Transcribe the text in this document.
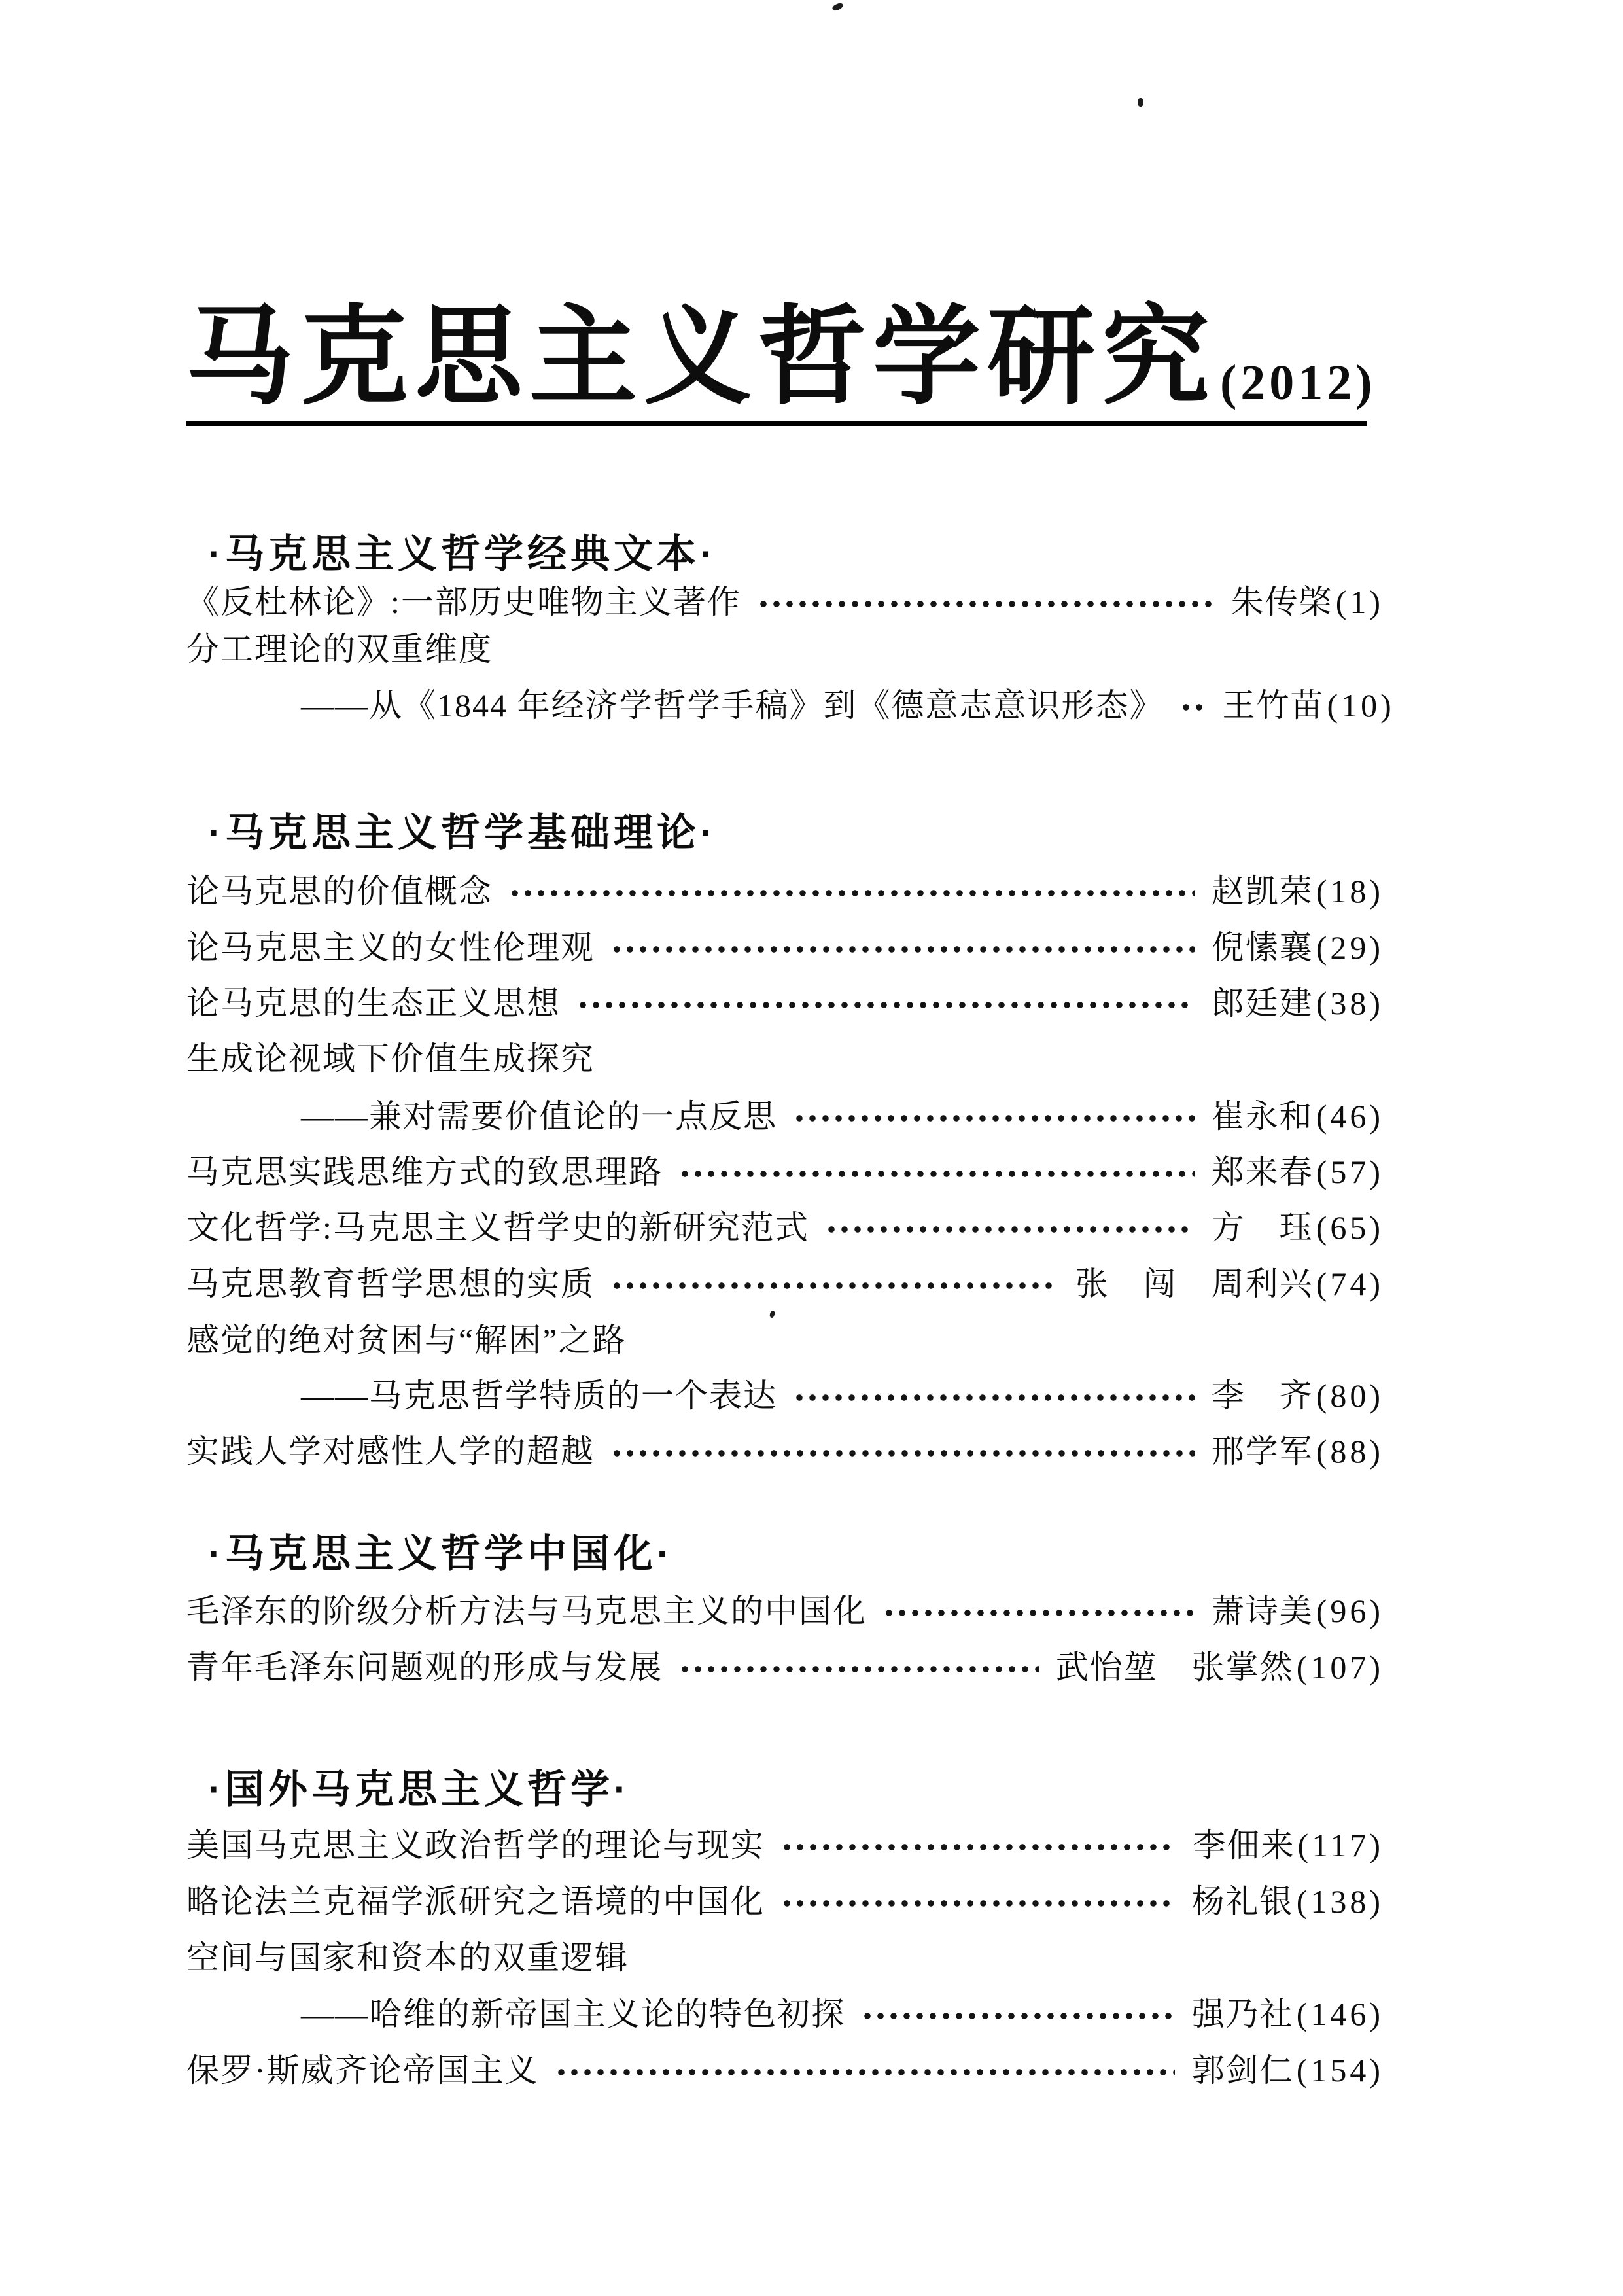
马克思主义哲学研究 (2012)
·马克思主义哲学经典文本·
《反杜林论》:一部历史唯物主义著作	朱传棨(1)
分工理论的双重维度
——从《1844 年经济学哲学手稿》到《德意志意识形态》 王竹苗(10)
·马克思主义哲学基础理论·
论马克思的价值概念	赵凯荣(18)
论马克思主义的女性伦理观	倪愫襄(29)
论马克思的生态正义思想	郎廷建(38)
生成论视域下价值生成探究
——兼对需要价值论的一点反思	崔永和(46)
马克思实践思维方式的致思理路	郑来春(57)
文化哲学:马克思主义哲学史的新研究范式	方　珏(65)
马克思教育哲学思想的实质	张　闯　周利兴(74)
感觉的绝对贫困与“解困”之路
——马克思哲学特质的一个表达	李　齐(80)
实践人学对感性人学的超越	邢学军(88)
·马克思主义哲学中国化·
毛泽东的阶级分析方法与马克思主义的中国化	萧诗美(96)
青年毛泽东问题观的形成与发展	武怡堃　张掌然(107)
·国外马克思主义哲学·
美国马克思主义政治哲学的理论与现实	李佃来(117)
略论法兰克福学派研究之语境的中国化	杨礼银(138)
空间与国家和资本的双重逻辑
——哈维的新帝国主义论的特色初探	强乃社(146)
保罗·斯威齐论帝国主义	郭剑仁(154)
